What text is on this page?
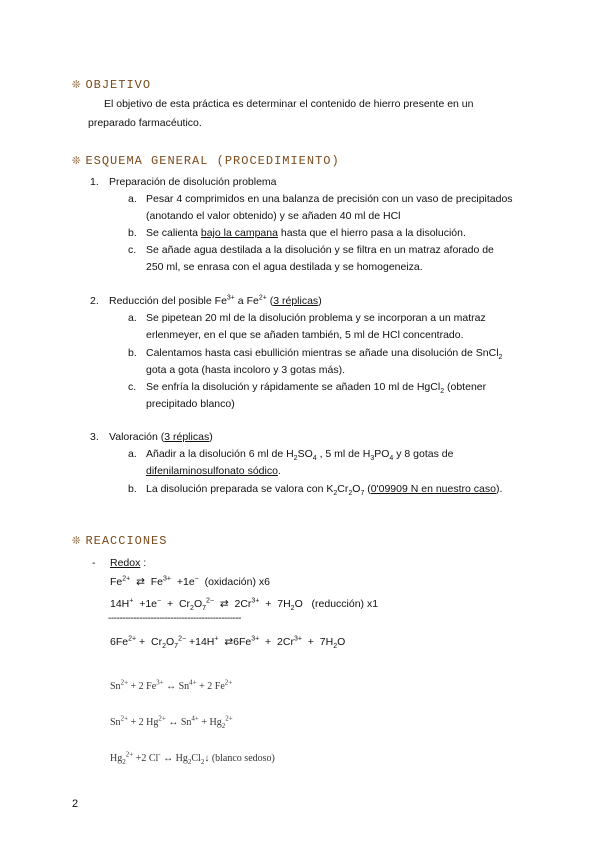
❊ OBJETIVO
El objetivo de esta práctica es determinar el contenido de hierro presente en un
preparado farmacéutico.
❊ ESQUEMA GENERAL (PROCEDIMIENTO)
1. Preparación de disolución problema
a. Pesar 4 comprimidos en una balanza de precisión con un vaso de precipitados
(anotando el valor obtenido) y se añaden 40 ml de HCl
b. Se calienta bajo la campana hasta que el hierro pasa a la disolución.
c. Se añade agua destilada a la disolución y se filtra en un matraz aforado de
250 ml, se enrasa con el agua destilada y se homogeneiza.
2. Reducción del posible $Fe^{3+}$ a $Fe^{2+}$ (3 réplicas)
a. Se pipetean 20 ml de la disolución problema y se incorporan a un matraz
erlenmeyer, en el que se añaden también, 5 ml de HCl concentrado.
b. Calentamos hasta casi ebullición mientras se añade una disolución de SnCl$_2$
gota a gota (hasta incoloro y 3 gotas más).
c. Se enfría la disolución y rápidamente se añaden 10 ml de HgCl$_2$ (obtener
precipitado blanco)
3. Valoración (3 réplicas)
a. Añadir a la disolución 6 ml de $H_2SO_4$ , 5 ml de $H_3PO_4$ y 8 gotas de
difenilaminosulfonato sódico.
b. La disolución preparada se valora con $K_2Cr_2O_7$ (0'09909 N en nuestro caso).
❊ REACCIONES
- Redox :
$Fe^{2+}$ ⇄ $Fe^{3+} +1e^-$ (oxidación) x6
$14H^+ +1e^- + Cr_2O_7^{2-}$ ⇄ $2Cr^{3+} + 7H_2O$ (reducción) x1
-----------------------------------------------
$6Fe^{2+} + Cr_2O_7^{2-} +14H^+$ $⇄6Fe^{3+} + 2Cr^{3+} + 7H_2O$
$Sn^{2+} + 2$ $Fe^{3+}$ ↔ $Sn^{4+} + 2$ $Fe^{2+}$
$Sn^{2+} + 2$ $Hg^{2+}$ ↔ $Sn^{4+} + Hg_2^{2+}$
$Hg_2^{2+} +2$ Cl- ↔ $Hg_2Cl_2↓$ (blanco sedoso)
2
